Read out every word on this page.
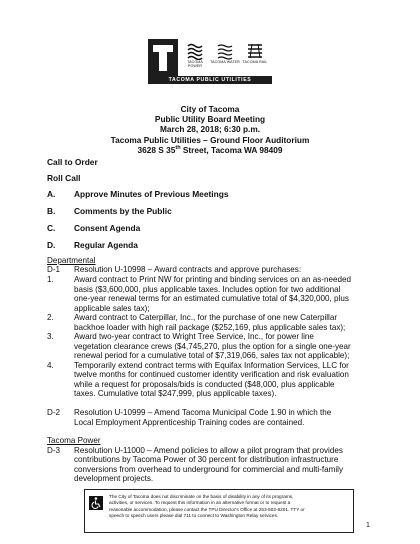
TACOMA POWER
TACOMA WATER TACOMA RAIL
TACOMA PUBLIC UTILITIES
City of Tacoma
Public Utility Board Meeting
March 28, 2018; 6:30 p.m.
Tacoma Public Utilities – Ground Floor Auditorium
3628 S 35th Street, Tacoma WA 98409
Call to Order
Roll Call
A. Approve Minutes of Previous Meetings
B. Comments by the Public
C. Consent Agenda
D. Regular Agenda
Departmental
D-1 Resolution U-10998 – Award contracts and approve purchases:
1. Award contract to Print NW for printing and binding services on an as-needed
basis ($3,600,000, plus applicable taxes. Includes option for two additional
one-year renewal terms for an estimated cumulative total of $4,320,000, plus
applicable sales tax);
2. Award contract to Caterpillar, Inc., for the purchase of one new Caterpillar
backhoe loader with high rail package ($252,169, plus applicable sales tax);
3. Award two-year contract to Wright Tree Service, Inc., for power line
vegetation clearance crews ($4,745,270, plus the option for a single one-year
renewal period for a cumulative total of $7,319,066, sales tax not applicable);
4. Temporarily extend contract terms with Equifax Information Services, LLC for
twelve months for continued customer identity verification and risk evaluation
while a request for proposals/bids is conducted ($48,000, plus applicable
taxes. Cumulative total $247,999, plus applicable taxes).
D-2 Resolution U-10999 – Amend Tacoma Municipal Code 1.90 in which the
Local Employment Apprenticeship Training codes are contained.
Tacoma Power
D-3 Resolution U-11000 – Amend policies to allow a pilot program that provides
contributions by Tacoma Power of 30 percent for distribution infrastructure
conversions from overhead to underground for commercial and multi-family
development projects.
The City of Tacoma does not discriminate on the basis of disability in any of its programs,
activities, or services. To request this information in an alternative format or to request a
reasonable accommodation, please contact the TPU Director's Office at 253-502-8201. TTY or
speech to speech users please dial 711 to connect to Washington Relay services.
1
